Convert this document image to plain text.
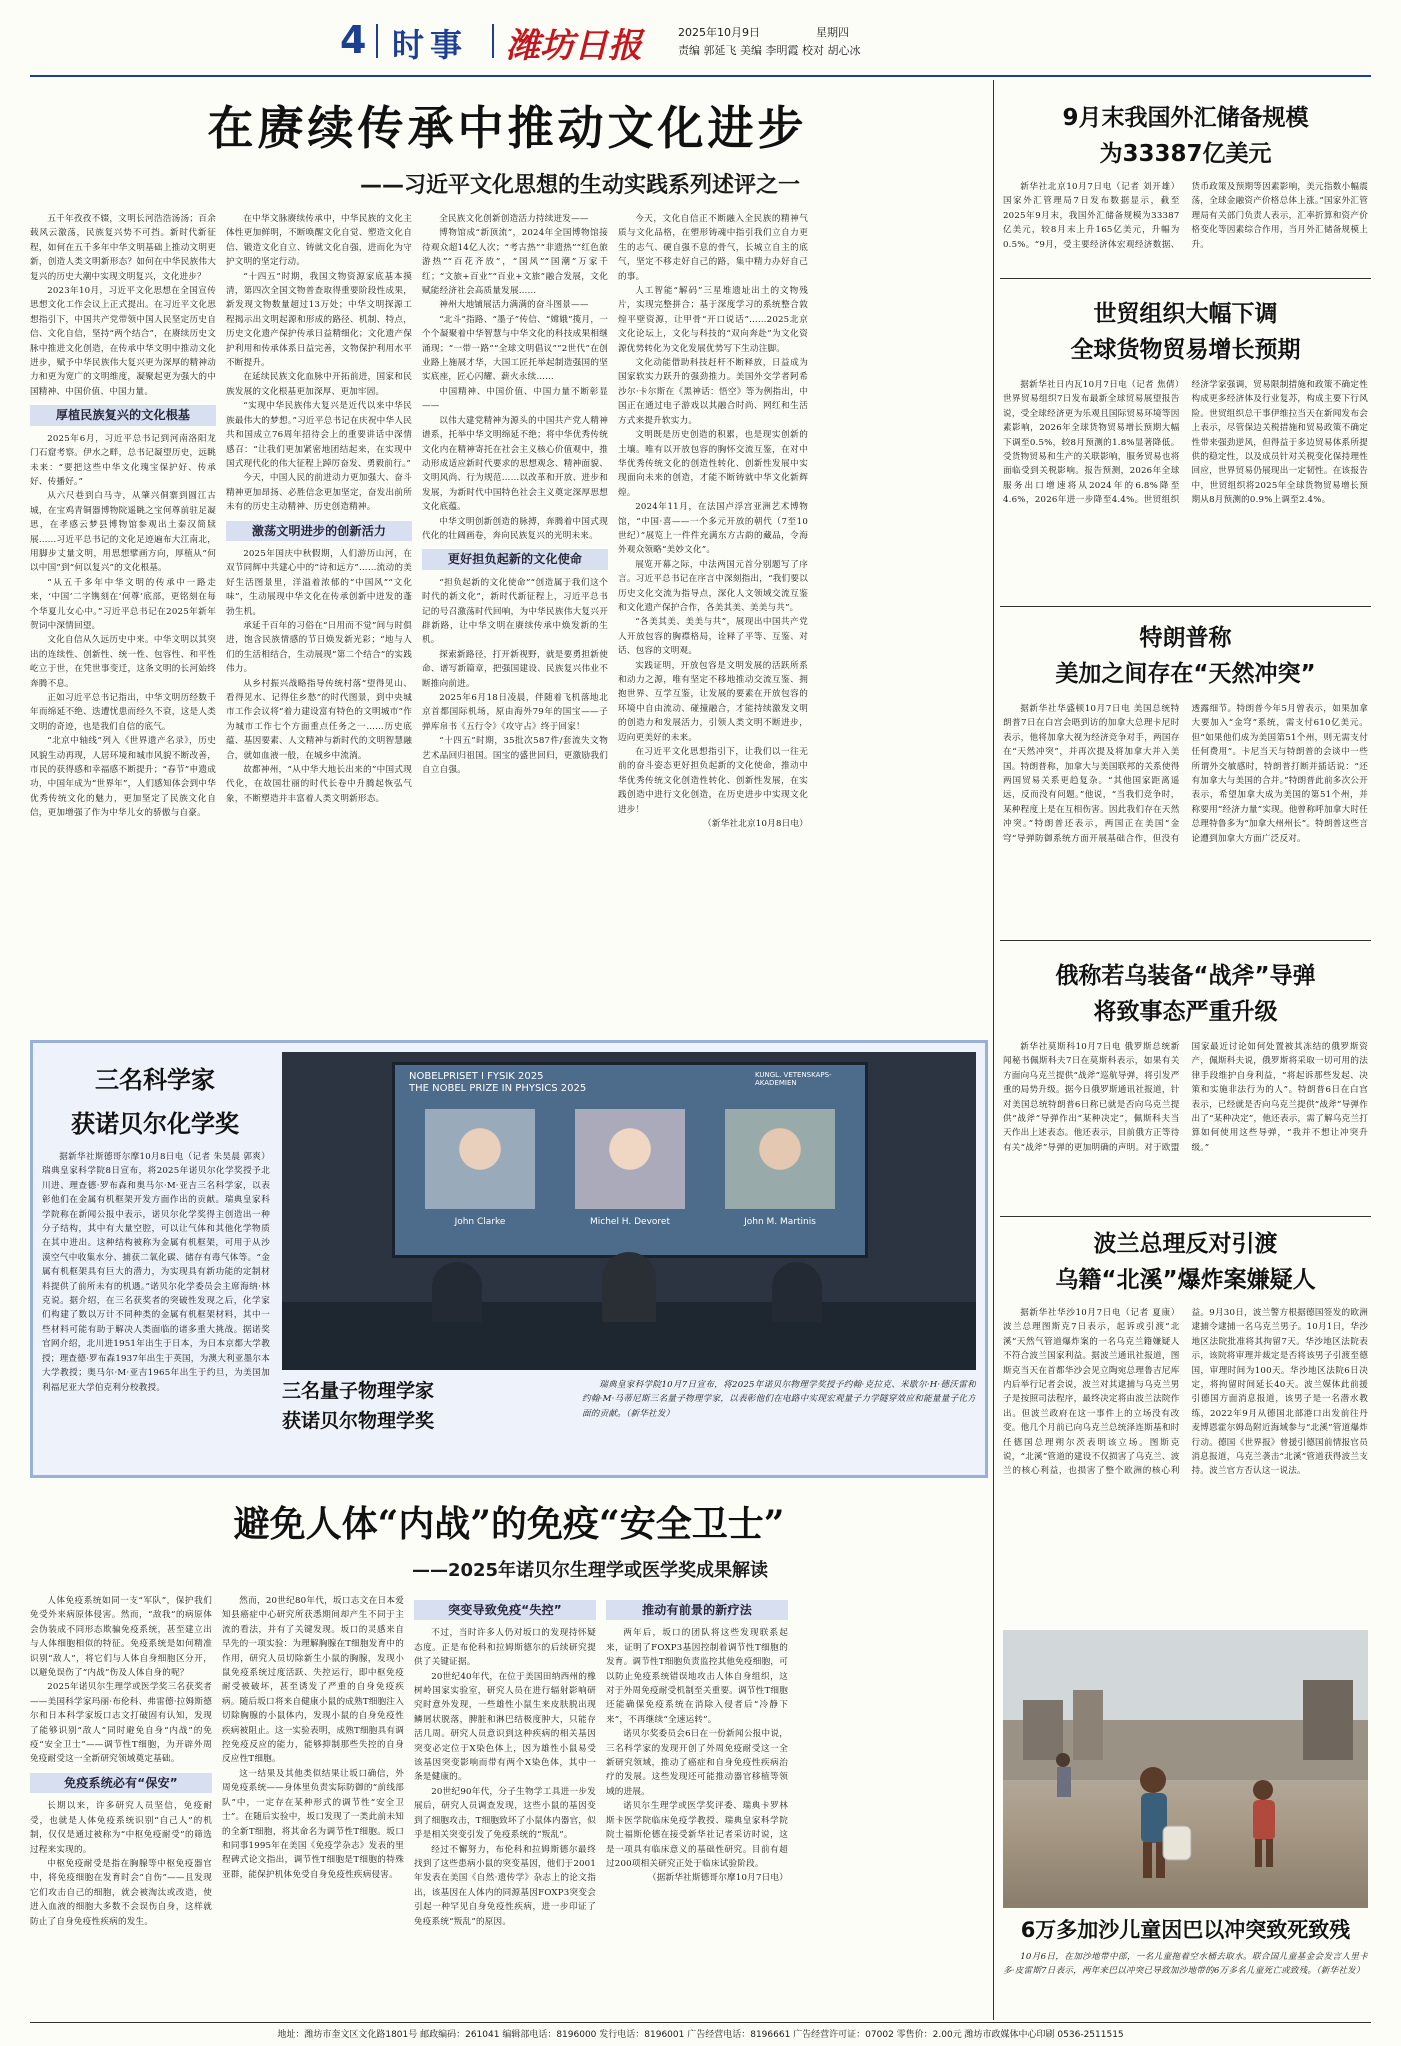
4 时事 潍坊日报	2025年10月9日	星期四
责编 郭延飞 美编 李明霞 校对 胡心冰
在赓续传承中推动文化进步
——习近平文化思想的生动实践系列述评之一

五千年孜孜不辍，文明长河浩浩汤汤；百余载风云激荡，民族复兴势不可挡。新时代新征程，如何在五千多年中华文明基础上推动文明更新，创造人类文明新形态？如何在中华民族伟大复兴的历史大潮中实现文明复兴，文化进步？

2023年10月，习近平文化思想在全国宣传思想文化工作会议上正式提出。在习近平文化思想指引下，中国共产党带领中国人民坚定历史自信、文化自信，坚持“两个结合”，在赓续历史文脉中推进文化创造，在传承中华文明中推动文化进步，赋予中华民族伟大复兴更为深厚的精神动力和更为宽广的文明维度，凝聚起更为强大的中国精神、中国价值、中国力量。

厚植民族复兴的文化根基

2025年6月，习近平总书记到河南洛阳龙门石窟考察。伊水之畔，总书记凝望历史，远眺未来：“要把这些中华文化瑰宝保护好、传承好、传播好。”

从六尺巷到白马寺，从肇兴侗寨到圆江古城，在宝鸡青铜器博物院遥眺之宝何尊前驻足凝思，在孝感云梦县博物馆参观出土秦汉简牍展……习近平总书记的文化足迹遍布大江南北，用脚步丈量文明，用思想擘画方向，厚植从“何以中国”到“何以复兴”的文化根基。

“从五千多年中华文明的传承中一路走来，‘中国’二字镌刻在‘何尊’底部，更铭刻在每个华夏儿女心中。”习近平总书记在2025年新年贺词中深情回望。

文化自信从久远历史中来。中华文明以其突出的连续性、创新性、统一性、包容性、和平性屹立于世，在凭世事变迁，这条文明的长河始终奔腾不息。

正如习近平总书记指出，中华文明历经数千年而绵延不绝、迭遭忧患而经久不衰，这是人类文明的奇迹，也是我们自信的底气。

“北京中轴线”列入《世界遗产名录》，历史风貌生动再现，人居环境和城市风貌不断改善，市民的获得感和幸福感不断提升；“春节”申遗成功，中国年成为“世界年”，人们感知体会到中华优秀传统文化的魅力，更加坚定了民族文化自信，更加增强了作为中华儿女的骄傲与自豪。

在中华文脉赓续传承中，中华民族的文化主体性更加鲜明，不断唤醒文化自觉、塑造文化自信、锻造文化自立、铸就文化自强，进而化为守护文明的坚定行动。

“十四五”时期，我国文物资源家底基本摸清，第四次全国文物普查取得重要阶段性成果，新发现文物数量超过13万处；中华文明探源工程揭示出文明起源和形成的路径、机制、特点，历史文化遗产保护传承日益精细化；文化遗产保护利用和传承体系日益完善，文物保护利用水平不断提升。

在延续民族文化血脉中开拓前进，国家和民族发展的文化根基更加深厚、更加牢固。

“实现中华民族伟大复兴是近代以来中华民族最伟大的梦想。”习近平总书记在庆祝中华人民共和国成立76周年招待会上的重要讲话中深情感召：“让我们更加紧密地团结起来，在实现中国式现代化的伟大征程上踔厉奋发、勇毅前行。”

今天，中国人民的前进动力更加强大、奋斗精神更加昂扬、必胜信念更加坚定，奋发出前所未有的历史主动精神、历史创造精神。

激荡文明进步的创新活力

2025年国庆中秋假期，人们游历山河，在双节同辉中共建心中的“诗和远方”……流动的美好生活图景里，洋溢着浓郁的“中国风”“文化味”，生动展现中华文化在传承创新中迸发的蓬勃生机。

承延千百年的习俗在“日用而不觉”间与时俱进，饱含民族情感的节日焕发新光彩；“地与人们的生活相结合，生动展现“第二个结合”的实践伟力。

从乡村振兴战略指导传统村落“望得见山、看得见水、记得住乡愁”的时代图景，到中央城市工作会议将“着力建设富有特色的文明城市”作为城市工作七个方面重点任务之一……历史底蕴、基因要素、人文精神与新时代的文明智慧融合，就如血液一般，在城乡中流淌。

故都神州，“从中华大地长出来的”中国式现代化，在故国壮丽的时代长卷中升腾起恢弘气象，不断塑造并丰富着人类文明新形态。

全民族文化创新创造活力持续迸发——

博物馆成“新顶流”，2024年全国博物馆接待观众超14亿人次；“考古热”“非遗热”“红色旅游热”“百花齐放”，“国风”“国潮”万家千红；“文旅+百业”“百业+文旅”融合发展，文化赋能经济社会高质量发展……

神州大地铺展活力满满的奋斗图景——

“北斗”指路、“墨子”传信、“嫦娥”揽月，一个个凝聚着中华智慧与中华文化的科技成果相继涌现；“一带一路”“全球文明倡议”“2世代”在创业路上施展才华，大国工匠托举起制造强国的坚实底座，匠心闪耀、薪火永续……

中国精神、中国价值、中国力量不断彰显——

以伟大建党精神为源头的中国共产党人精神谱系，托举中华文明绵延不绝；将中华优秀传统文化内在精神寄托在社会主义核心价值观中，推动形成适应新时代要求的思想观念、精神面貌、文明风尚、行为规范……以改革和开放、进步和发展，为新时代中国特色社会主义奠定深厚思想文化底蕴。

中华文明创新创造的脉搏，奔腾着中国式现代化的壮阔画卷，奔向民族复兴的光明未来。

更好担负起新的文化使命

“担负起新的文化使命”“创造属于我们这个时代的新文化”，新时代新征程上，习近平总书记的号召激荡时代回响，为中华民族伟大复兴开辟新路，让中华文明在赓续传承中焕发新的生机。

探索新路径，打开新视野，就是要勇担新使命、谱写新篇章，把强国建设、民族复兴伟业不断推向前进。

2025年6月18日凌晨，伴随着飞机落地北京首都国际机场，原由海外79年的国宝——子弹库帛书《五行令》《攻守占》终于回家！

“十四五”时期，35批次587件/套流失文物艺术品回归祖国。国宝的盛世回归，更激励我们自立自强。

今天，文化自信正不断融入全民族的精神气质与文化品格，在塑形铸魂中指引我们立自力更生的志气、硬自强不息的骨气，长城立自主的底气，坚定不移走好自己的路，集中精力办好自己的事。

人工智能“解码”三星堆遗址出土的文物残片，实现完整拼合；基于深度学习的系统整合敦煌平壁资源，让甲骨“开口说话”……2025北京文化论坛上，文化与科技的“双向奔赴”为文化资源优势转化为文化发展优势写下生动注脚。

文化动能借助科技赶杆不断释放，日益成为国家软实力跃升的强劲推力。美国外交学者阿希沙尔·卡尔斯在《黑神话：悟空》等为例指出，中国正在通过电子游戏以其融合时尚、网红和生活方式来提升软实力。

文明既是历史创造的积累，也是现实创新的土壤。唯有以开放包容的胸怀交流互鉴，在对中华优秀传统文化的创造性转化、创新性发展中实现面向未来的创造，才能不断铸就中华文化新辉煌。

2024年11月，在法国卢浮宫亚洲艺术博物馆，“中国·喜——一个多元开放的朝代（7至10世纪）”展览上一件件充满东方古韵的藏品，令海外观众领略“美妙文化”。

展览开幕之际，中法两国元首分别题写了序言。习近平总书记在序言中深刻指出，“我们要以历史文化交流为指导点，深化人文领域交流互鉴和文化遗产保护合作，各美其美、美美与共”。

“各美其美、美美与共”，展现出中国共产党人开放包容的胸襟格局，诠释了平等、互鉴、对话、包容的文明观。

实践证明，开放包容是文明发展的活跃所系和动力之源，唯有坚定不移地推动交流互鉴、拥抱世界、互学互鉴，让发展的要素在开放包容的环境中自由流动、碰撞融合，才能持续激发文明的创造力和发展活力，引领人类文明不断进步，迈向更美好的未来。

在习近平文化思想指引下，让我们以一往无前的奋斗姿态更好担负起新的文化使命，推动中华优秀传统文化创造性转化、创新性发展，在实践创造中进行文化创造，在历史进步中实现文化进步！

（新华社北京10月8日电）

9月末我国外汇储备规模
为33387亿美元

新华社北京10月7日电（记者 刘开雄）国家外汇管理局7日发布数据显示，截至2025年9月末，我国外汇储备规模为33387亿美元，较8月末上升165亿美元，升幅为0.5%。“9月，受主要经济体宏观经济数据、货币政策及预期等因素影响，美元指数小幅震荡，全球金融资产价格总体上涨。”国家外汇管理局有关部门负责人表示，汇率折算和资产价格变化等因素综合作用，当月外汇储备规模上升。

世贸组织大幅下调
全球货物贸易增长预期

据新华社日内瓦10月7日电（记者 焦倩）世界贸易组织7日发布最新全球贸易展望报告说，受全球经济更为乐观且国际贸易环境等因素影响，2026年全球货物贸易增长预期大幅下调至0.5%，较8月预测的1.8%显著降低。受货物贸易和生产的关联影响，服务贸易也将面临受到关税影响。报告预测，2026年全球服务出口增速将从2024年的6.8%降至4.6%，2026年进一步降至4.4%。世贸组织经济学家强调，贸易限制措施和政策不确定性构成更多经济体及行业复苏，构成主要下行风险。世贸组织总干事伊维拉当天在新闻发布会上表示，尽管保边关税措施和贸易政策不确定性带来强劲逆风，但得益于多边贸易体系所提供的稳定性，以及成员针对关税变化保持理性回应，世界贸易仍展现出一定韧性。在该报告中，世贸组织将2025年全球货物贸易增长预期从8月预测的0.9%上调至2.4%。

特朗普称
美加之间存在“天然冲突”

据新华社华盛顿10月7日电 美国总统特朗普7日在白宫会晤到访的加拿大总理卡尼时表示，他将加拿大视为经济竞争对手，两国存在“天然冲突”，并再次提及将加拿大并入美国。特朗普称，加拿大与美国联邦的关系使得两国贸易关系更趋复杂。“其他国家距离遥远，反而没有问题。”他说，“当我们竞争时，某种程度上是在互相伤害。因此我们存在天然冲突。”特朗普还表示，两国正在美国“金穹”导弹防御系统方面开展基础合作，但没有透露细节。特朗普今年5月曾表示，如果加拿大要加入“金穹”系统，需支付610亿美元。但“如果他们成为美国第51个州，则无需支付任何费用”。卡尼当天与特朗普的会谈中一些所谓外交敏感时，特朗普打断并插话说：“还有加拿大与美国的合并。”特朗普此前多次公开表示，希望加拿大成为美国的第51个州，并称要用“经济力量”实现。他曾称呼加拿大时任总理特鲁多为“加拿大州州长”。特朗普这些言论遭到加拿大方面广泛反对。

俄称若乌装备“战斧”导弹
将致事态严重升级

新华社莫斯科10月7日电 俄罗斯总统新闻秘书佩斯科夫7日在莫斯科表示，如果有关方面向乌克兰提供“战斧”巡航导弹，将引发严重的局势升级。据今日俄罗斯通讯社报道，针对美国总统特朗普6日称已就是否向乌克兰提供“战斧”导弹作出“某种决定”，佩斯科夫当天作出上述表态。他还表示，目前俄方正等待有关“战斧”导弹的更加明确的声明。对于欧盟国家最近讨论如何处置被其冻结的俄罗斯资产，佩斯科夫说，俄罗斯将采取一切可用的法律手段维护自身利益，“将起诉那些发起、决策和实施非法行为的人”。特朗普6日在白宫表示，已经就是否向乌克兰提供“战斧”导弹作出了“某种决定”，他还表示，需了解乌克兰打算如何使用这些导弹，“我并不想让冲突升级。”

波兰总理反对引渡
乌籍“北溪”爆炸案嫌疑人

据新华社华沙10月7日电（记者 夏康）波兰总理图斯克7日表示，起诉或引渡“北溪”天然气管道爆炸案的一名乌克兰籍嫌疑人不符合波兰国家利益。据波兰通讯社报道，图斯克当天在首都华沙会见立陶宛总理鲁吉尼库内后举行记者会说，波兰对其逮捕与乌克兰男子是按照司法程序，最终决定将由波兰法院作出。但波兰政府在这一事件上的立场没有改变。他几个月前已向乌克兰总统泽连斯基和时任德国总理朔尔茨表明该立场。图斯克说，“北溪”管道的建设不仅损害了乌克兰、波兰的核心利益，也损害了整个欧洲的核心利益。9月30日，波兰警方根据德国签发的欧洲逮捕令逮捕一名乌克兰男子。10月1日，华沙地区法院批准将其拘留7天。华沙地区法院表示，该院将审理并裁定是否将该男子引渡至德国，审理时间为100天。华沙地区法院6日决定，将拘留时间延长40天。波兰媒体此前援引德国方面消息报道，该男子是一名潜水教练，2022年9月从德国北部港口出发前往丹麦博恩霍尔姆岛附近海域参与“北溪”管道爆炸行动。德国《世界报》曾援引德国前情报官员消息报道，乌克兰袭击“北溪”管道获得波兰支持。波兰官方否认这一说法。

6万多加沙儿童因巴以冲突致死致残

10月6日，在加沙地带中部，一名儿童拖着空水桶去取水。联合国儿童基金会发言人里卡多·皮雷斯7日表示，两年来巴以冲突已导致加沙地带的6万多名儿童死亡或致残。（新华社发）

三名科学家
获诺贝尔化学奖

据新华社斯德哥尔摩10月8日电（记者 朱昊晨 郭爽）瑞典皇家科学院8日宣布，将2025年诺贝尔化学奖授予北川进、理查德·罗布森和奥马尔·M·亚吉三名科学家，以表彰他们在金属有机框架开发方面作出的贡献。瑞典皇家科学院称在新闻公报中表示，诺贝尔化学奖得主创造出一种分子结构，其中有大量空腔，可以让气体和其他化学物质在其中进出。这种结构被称为金属有机框架，可用于从沙漠空气中收集水分、捕获二氧化碳、储存有毒气体等。“金属有机框架具有巨大的潜力，为实现具有新功能的定制材料提供了前所未有的机遇。”诺贝尔化学委员会主席海纳·林克说。据介绍，在三名获奖者的突破性发现之后，化学家们构建了数以万计不同种类的金属有机框架材料，其中一些材料可能有助于解决人类面临的诸多重大挑战。据诺奖官网介绍，北川进1951年出生于日本，为日本京都大学教授；理查德·罗布森1937年出生于英国，为澳大利亚墨尔本大学教授；奥马尔·M·亚吉1965年出生于约旦，为美国加利福尼亚大学伯克利分校教授。

NOBELPRISET I FYSIK 2025
THE NOBEL PRIZE IN PHYSICS 2025
KUNGL. VETENSKAPS-AKADEMIEN
John Clarke	Michel H. Devoret	John M. Martinis
三名量子物理学家
获诺贝尔物理学奖

瑞典皇家科学院10月7日宣布，将2025年诺贝尔物理学奖授予约翰·克拉克、米歇尔·H·德沃雷和约翰·M·马蒂尼斯三名量子物理学家，以表彰他们在电路中实现宏观量子力学隧穿效应和能量量子化方面的贡献。（新华社发）

避免人体“内战”的免疫“安全卫士”
——2025年诺贝尔生理学或医学奖成果解读

人体免疫系统如同一支“军队”，保护我们免受外来病原体侵害。然而，“敌我”的病原体会伪装成不同形态欺骗免疫系统，甚至建立出与人体细胞相似的特征。免疫系统是如何精准识别“敌人”，将它们与人体自身细胞区分开，以避免误伤了“内战”伤及人体自身的呢？

2025年诺贝尔生理学或医学奖三名获奖者——美国科学家玛丽·布伦科、弗雷德·拉姆斯德尔和日本科学家坂口志文打破固有认知，发现了能够识别“敌人”同时避免自身“内战”的免疫“安全卫士”——调节性T细胞，为开辟外周免疫耐受这一全新研究领域奠定基础。

免疫系统必有“保安”

长期以来，许多研究人员坚信，免疫耐受，也就是人体免疫系统识别“自己人”的机制，仅仅是通过被称为“中枢免疫耐受”的筛选过程来实现的。

中枢免疫耐受是指在胸腺等中枢免疫器官中，将免疫细胞在发育时会“自伤”——且发现它们攻击自己的细胞，就会被淘汰或改造，使进入血液的细胞大多数不会误伤自身，这样就防止了自身免疫性疾病的发生。

然而，20世纪80年代，坂口志文在日本爱知县癌症中心研究所获悉期间却产生不同于主流的看法，并有了关键发现。坂口的灵感来自早先的一项实验：为理解胸腺在T细胞发育中的作用，研究人员切除新生小鼠的胸腺，发现小鼠免疫系统过度活跃、失控运行，即中枢免疫耐受被破坏，甚至诱发了严重的自身免疫疾病。随后坂口将来自健康小鼠的成熟T细胞注入切除胸腺的小鼠体内，发现小鼠的自身免疫性疾病被阻止。这一实验表明，成熟T细胞具有调控免疫反应的能力，能够抑制那些失控的自身反应性T细胞。

这一结果及其他类似结果让坂口确信，外周免疫系统——身体里负责实际防御的“前线部队”中，一定存在某种形式的调节性“安全卫士”。在随后实验中，坂口发现了一类此前未知的全新T细胞，将其命名为调节性T细胞。坂口和同事1995年在美国《免疫学杂志》发表的里程碑式论文指出，调节性T细胞是T细胞的特殊亚群，能保护机体免受自身免疫性疾病侵害。

突变导致免疫“失控”

不过，当时许多人仍对坂口的发现持怀疑态度。正是布伦科和拉姆斯德尔的后续研究提供了关键证据。

20世纪40年代，在位于美国田纳西州的橡树岭国家实验室，研究人员在进行辐射影响研究时意外发现，一些雄性小鼠生来皮肤脱出现鳞屑状脱落，脾脏和淋巴结极度肿大，只能存活几周。研究人员意识到这种疾病的相关基因突变必定位于X染色体上，因为雄性小鼠易受该基因突变影响而带有两个X染色体，其中一条是健康的。

20世纪90年代，分子生物学工具进一步发展后，研究人员调查发现，这些小鼠的基因变到了细胞攻击，T细胞致坏了小鼠体内器官，似乎是相关突变引发了免疫系统的“叛乱”。

经过不懈努力，布伦科和拉姆斯德尔最终找到了这些患病小鼠的突变基因，他们于2001年发表在美国《自然·遗传学》杂志上的论文指出，该基因在人体内的同源基因FOXP3突变会引起一种罕见自身免疫性疾病，进一步印证了免疫系统“叛乱”的原因。

推动有前景的新疗法

两年后，坂口的团队将这些发现联系起来，证明了FOXP3基因控制着调节性T细胞的发育。调节性T细胞负责监控其他免疫细胞，可以防止免疫系统错误地攻击人体自身组织，这对于外周免疫耐受机制至关重要。调节性T细胞还能确保免疫系统在消除入侵者后“冷静下来”，不再继续“全速运转”。

诺贝尔奖委员会6日在一份新闻公报中说，三名科学家的发现开创了外周免疫耐受这一全新研究领域，推动了癌症和自身免疫性疾病治疗的发展。这些发现还可能推动器官移植等领域的进展。

诺贝尔生理学或医学奖评委、瑞典卡罗林斯卡医学院临床免疫学教授、瑞典皇家科学院院士福斯伦德在接受新华社记者采访时说，这是一项具有临床意义的基础性研究。目前有超过200项相关研究正处于临床试验阶段。

（据新华社斯德哥尔摩10月7日电）

地址：潍坊市奎文区文化路1801号 邮政编码：261041 编辑部电话：8196000 发行电话：8196001 广告经营电话：8196661 广告经营许可证：07002 零售价：2.00元 潍坊市政媒体中心印刷 0536-2511515
